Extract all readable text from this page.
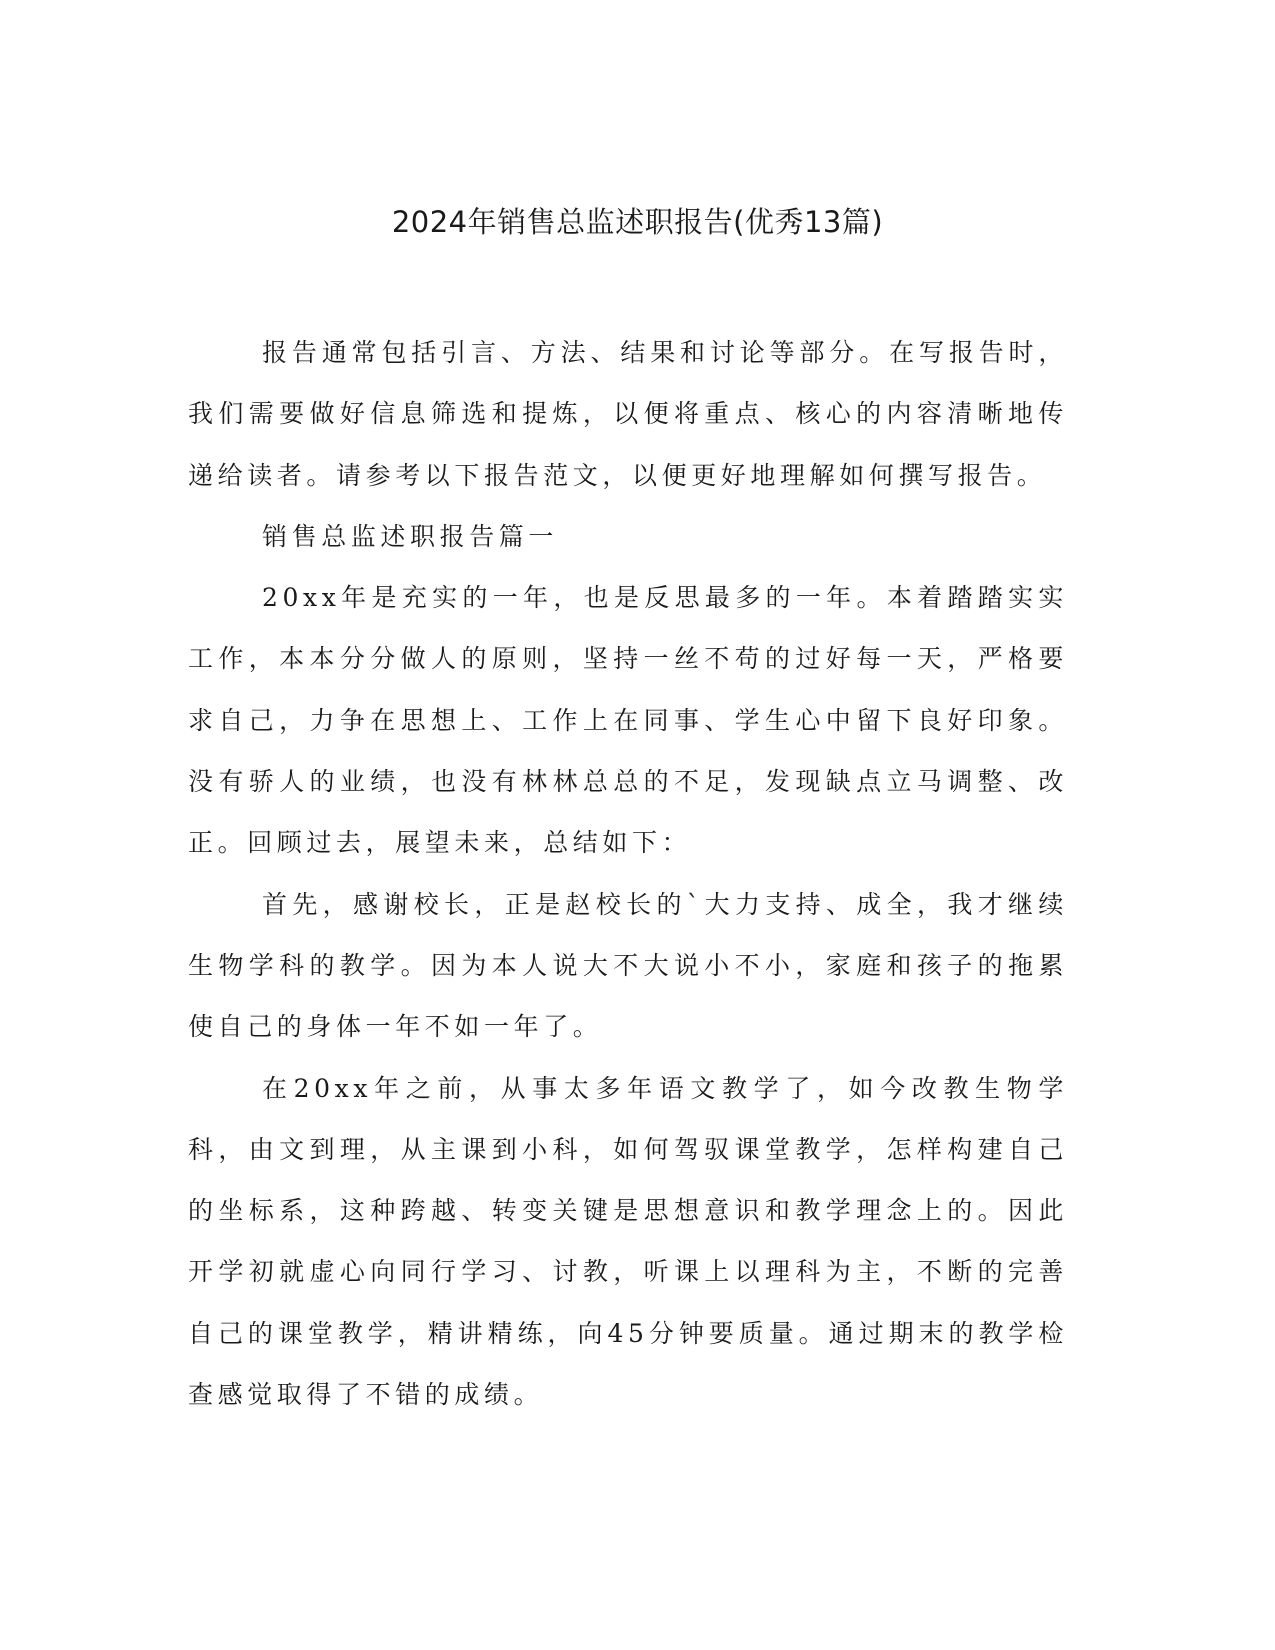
2024年销售总监述职报告(优秀13篇)

报告通常包括引言、方法、结果和讨论等部分。在写报告时，我们需要做好信息筛选和提炼，以便将重点、核心的内容清晰地传递给读者。请参考以下报告范文，以便更好地理解如何撰写报告。

销售总监述职报告篇一

20xx年是充实的一年，也是反思最多的一年。本着踏踏实实工作，本本分分做人的原则，坚持一丝不苟的过好每一天，严格要求自己，力争在思想上、工作上在同事、学生心中留下良好印象。没有骄人的业绩，也没有林林总总的不足，发现缺点立马调整、改正。回顾过去，展望未来，总结如下：

首先，感谢校长，正是赵校长的`大力支持、成全，我才继续生物学科的教学。因为本人说大不大说小不小，家庭和孩子的拖累使自己的身体一年不如一年了。

在20xx年之前，从事太多年语文教学了，如今改教生物学科，由文到理，从主课到小科，如何驾驭课堂教学，怎样构建自己的坐标系，这种跨越、转变关键是思想意识和教学理念上的。因此开学初就虚心向同行学习、讨教，听课上以理科为主，不断的完善自己的课堂教学，精讲精练，向45分钟要质量。通过期末的教学检查感觉取得了不错的成绩。
